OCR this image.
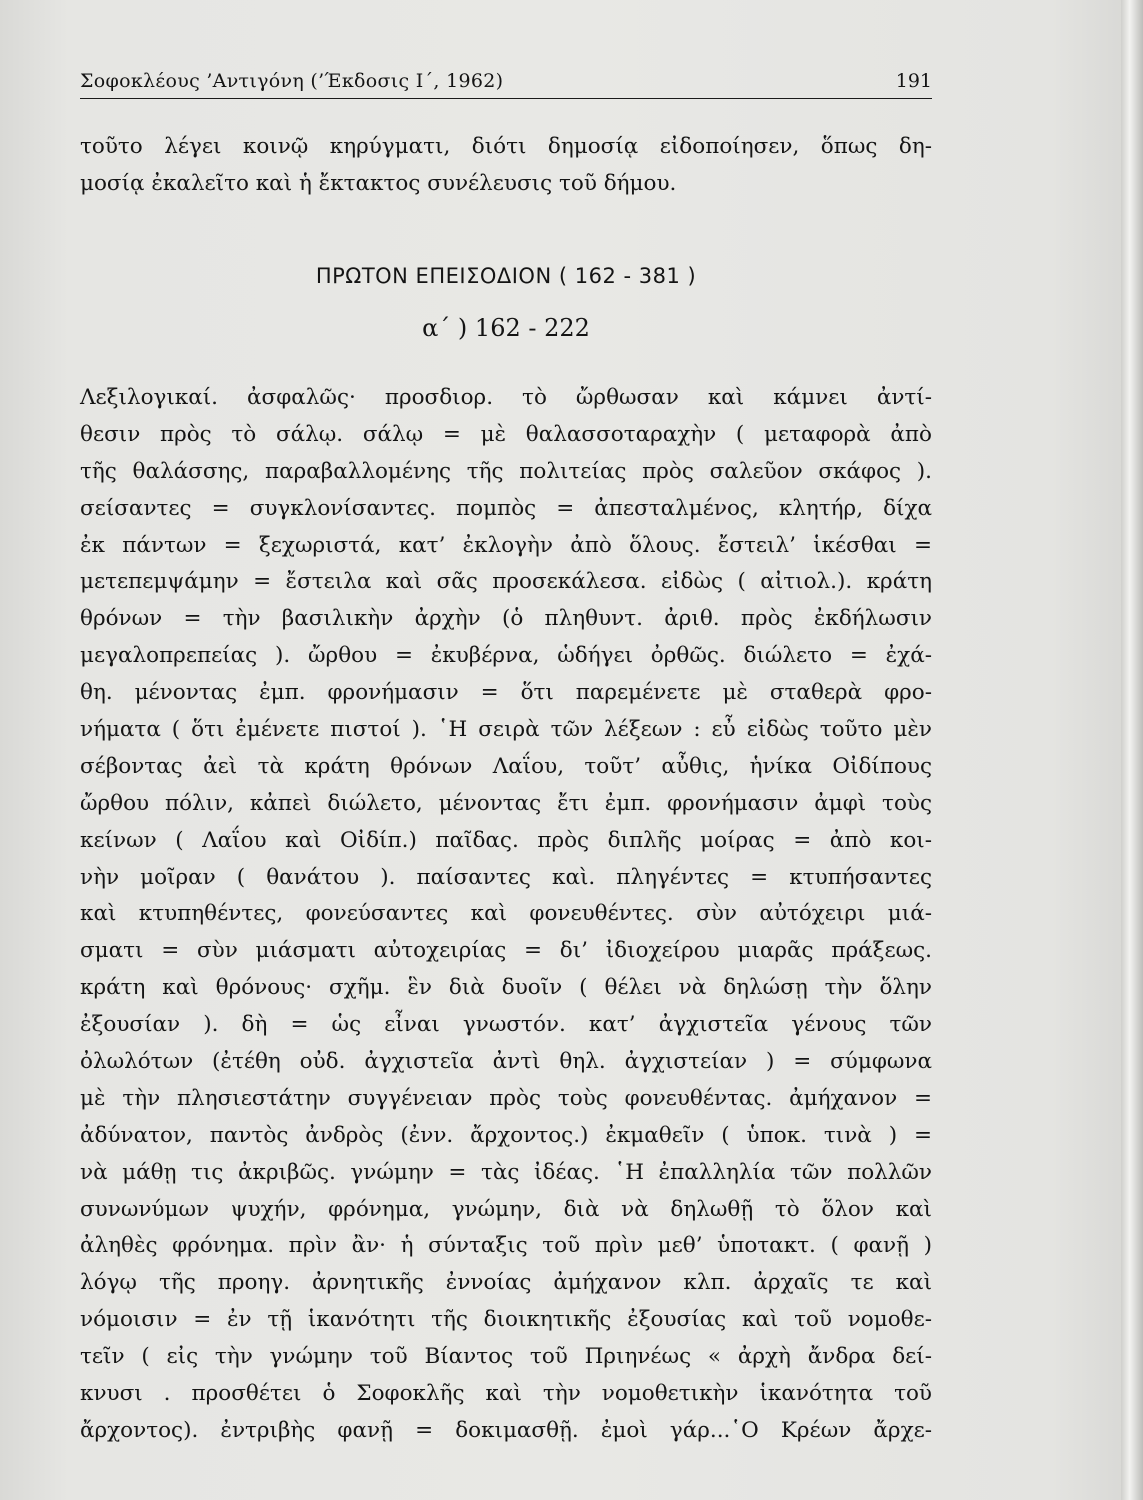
Σοφοκλέους ’Αντιγόνη (’Έκδοσις Ι΄, 1962)	191
τοῦτο λέγει κοινῷ κηρύγματι, διότι δημοσίᾳ εἰδοποίησεν, ὅπως δη-
μοσίᾳ ἐκαλεῖτο καὶ ἡ ἔκτακτος συνέλευσις τοῦ δήμου.
ΠΡΩΤΟΝ ΕΠΕΙΣΟΔΙΟΝ ( 162 - 381 )
α΄ ) 162 - 222
Λεξιλογικαί. ἀσφαλῶς· προσδιορ. τὸ ὤρθωσαν καὶ κάμνει ἀντί-
θεσιν πρὸς τὸ σάλῳ. σάλῳ = μὲ θαλασσοταραχὴν ( μεταφορὰ ἀπὸ
τῆς θαλάσσης, παραβαλλομένης τῆς πολιτείας πρὸς σαλεῦον σκάφος ).
σείσαντες = συγκλονίσαντες. πομπὸς = ἀπεσταλμένος, κλητήρ, δίχα
ἐκ πάντων = ξεχωριστά, κατ’ ἐκλογὴν ἀπὸ ὅλους. ἔστειλ’ ἱκέσθαι =
μετεπεμψάμην = ἔστειλα καὶ σᾶς προσεκάλεσα. εἰδὼς ( αἰτιολ.). κράτη
θρόνων = τὴν βασιλικὴν ἀρχὴν (ὁ πληθυντ. ἀριθ. πρὸς ἐκδήλωσιν
μεγαλοπρεπείας ). ὤρθου = ἐκυβέρνα, ὡδήγει ὀρθῶς. διώλετο = ἐχά-
θη. μένοντας ἐμπ. φρονήμασιν = ὅτι παρεμένετε μὲ σταθερὰ φρο-
νήματα ( ὅτι ἐμένετε πιστοί ). ῾Η σειρὰ τῶν λέξεων : εὖ εἰδὼς τοῦτο μὲν
σέβοντας ἀεὶ τὰ κράτη θρόνων Λαΐου, τοῦτ’ αὖθις, ἡνίκα Οἰδίπους
ὤρθου πόλιν, κἀπεὶ διώλετο, μένοντας ἔτι ἐμπ. φρονήμασιν ἀμφὶ τοὺς
κείνων ( Λαΐου καὶ Οἰδίπ.) παῖδας. πρὸς διπλῆς μοίρας = ἀπὸ κοι-
νὴν μοῖραν ( θανάτου ). παίσαντες καὶ. πληγέντες = κτυπήσαντες
καὶ κτυπηθέντες, φονεύσαντες καὶ φονευθέντες. σὺν αὐτόχειρι μιά-
σματι = σὺν μιάσματι αὐτοχειρίας = δι’ ἰδιοχείρου μιαρᾶς πράξεως.
κράτη καὶ θρόνους· σχῆμ. ἓν διὰ δυοῖν ( θέλει νὰ δηλώσῃ τὴν ὅλην
ἐξουσίαν ). δὴ = ὡς εἶναι γνωστόν. κατ’ ἀγχιστεῖα γένους τῶν
ὀλωλότων (ἐτέθη οὐδ. ἀγχιστεῖα ἀντὶ θηλ. ἀγχιστείαν ) = σύμφωνα
μὲ τὴν πλησιεστάτην συγγένειαν πρὸς τοὺς φονευθέντας. ἀμήχανον =
ἀδύνατον, παντὸς ἀνδρὸς (ἐνν. ἄρχοντος.) ἐκμαθεῖν ( ὑποκ. τινὰ ) =
νὰ μάθῃ τις ἀκριβῶς. γνώμην = τὰς ἰδέας. ῾Η ἐπαλληλία τῶν πολλῶν
συνωνύμων ψυχήν, φρόνημα, γνώμην, διὰ νὰ δηλωθῇ τὸ ὅλον καὶ
ἀληθὲς φρόνημα. πρὶν ἂν· ἡ σύνταξις τοῦ πρὶν μεθ’ ὑποτακτ. ( φανῇ )
λόγῳ τῆς προηγ. ἀρνητικῆς ἐννοίας ἀμήχανον κλπ. ἀρχαῖς τε καὶ
νόμοισιν = ἐν τῇ ἱκανότητι τῆς διοικητικῆς ἐξουσίας καὶ τοῦ νομοθε-
τεῖν ( εἰς τὴν γνώμην τοῦ Βίαντος τοῦ Πριηνέως « ἀρχὴ ἄνδρα δεί-
κνυσι . προσθέτει ὁ Σοφοκλῆς καὶ τὴν νομοθετικὴν ἱκανότητα τοῦ
ἄρχοντος). ἐντριβὴς φανῇ = δοκιμασθῇ. ἐμοὶ γάρ...῾Ο Κρέων ἄρχε-
